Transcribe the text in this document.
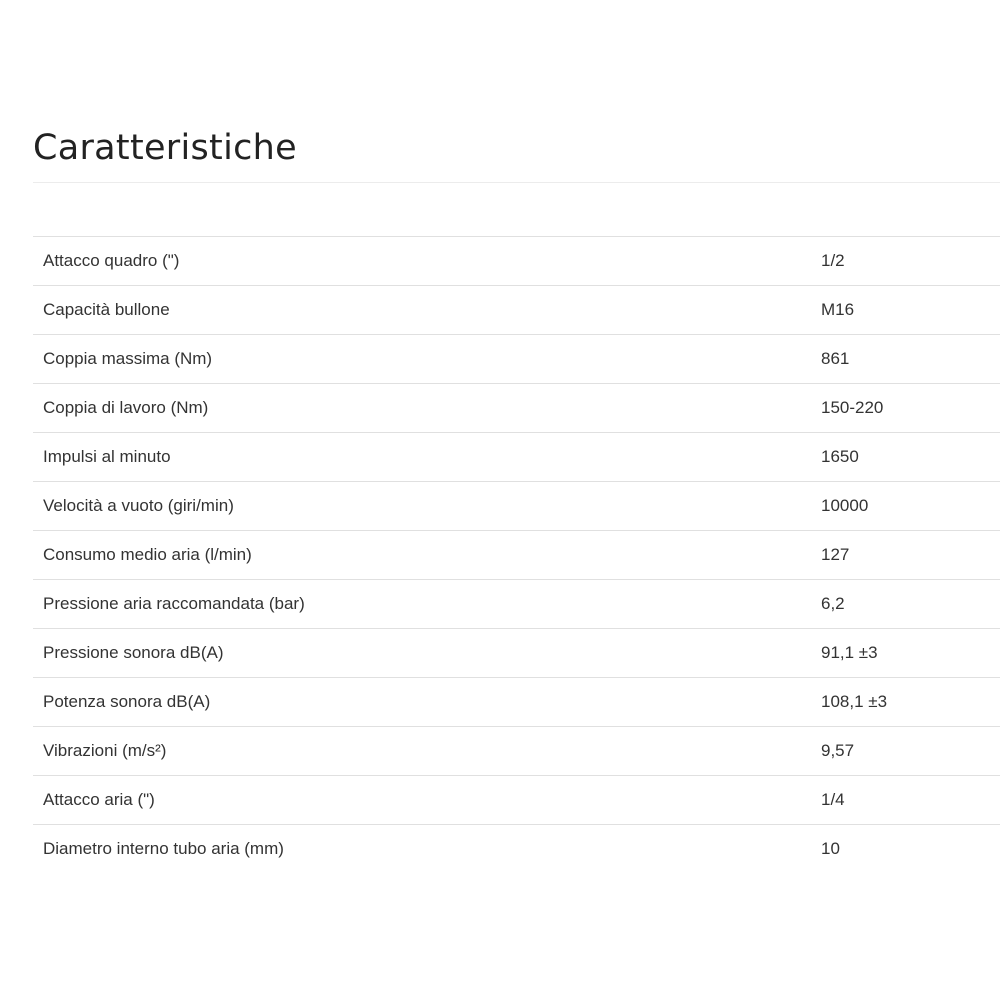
Caratteristiche
Attacco quadro (")	1/2
Capacità bullone	M16
Coppia massima (Nm)	861
Coppia di lavoro (Nm)	150-220
Impulsi al minuto	1650
Velocità a vuoto (giri/min)	10000
Consumo medio aria (l/min)	127
Pressione aria raccomandata (bar)	6,2
Pressione sonora dB(A)	91,1 ±3
Potenza sonora dB(A)	108,1 ±3
Vibrazioni (m/s²)	9,57
Attacco aria (")	1/4
Diametro interno tubo aria (mm)	10
